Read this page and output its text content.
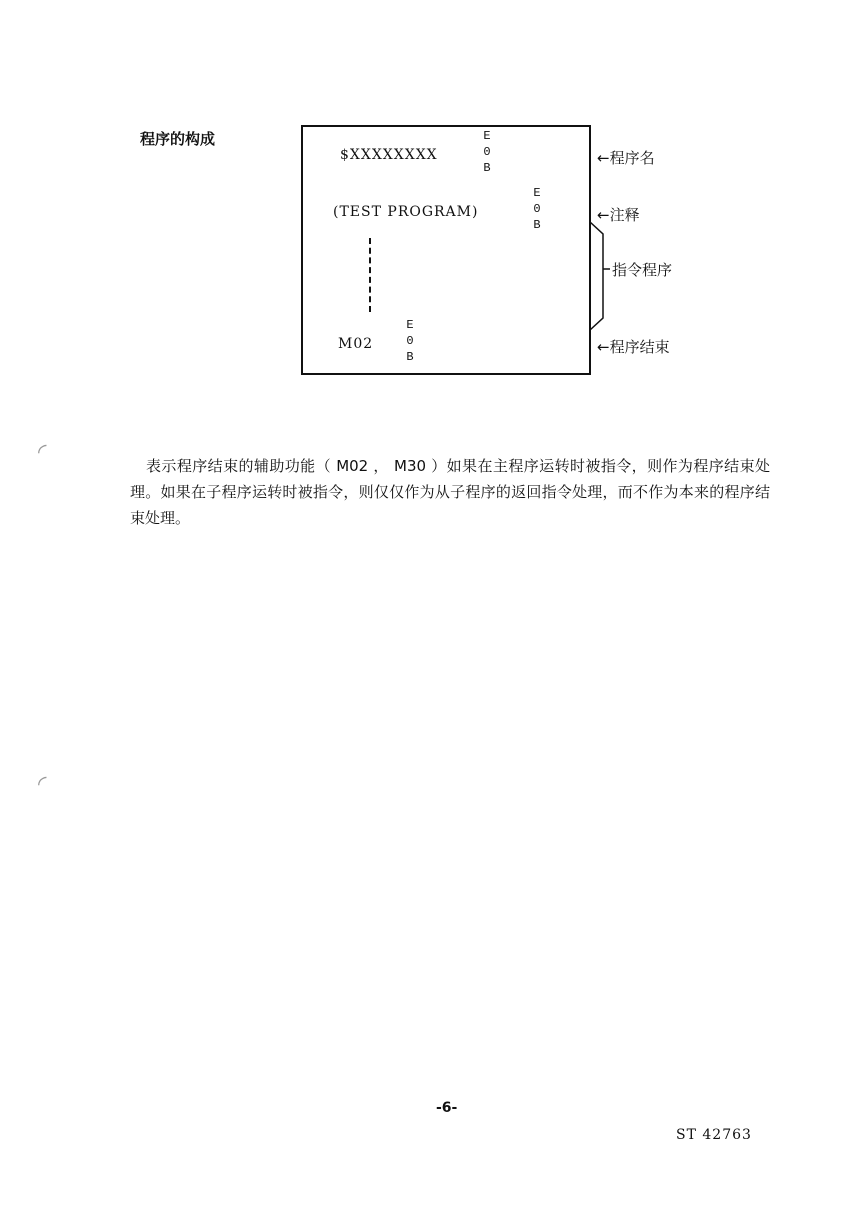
程序的构成
$XXXXXXXX
E
0
B
(TEST PROGRAM)
E
0
B
M02
E
0
B
←程序名
←注释
指令程序
←程序结束

表示程序结束的辅助功能（ M02 ， M30 ）如果在主程序运转时被指令，则作为程序结束处理。如果在子程序运转时被指令，则仅仅作为从子程序的返回指令处理，而不作为本来的程序结束处理。

-6-
ST 42763
◜
◜
